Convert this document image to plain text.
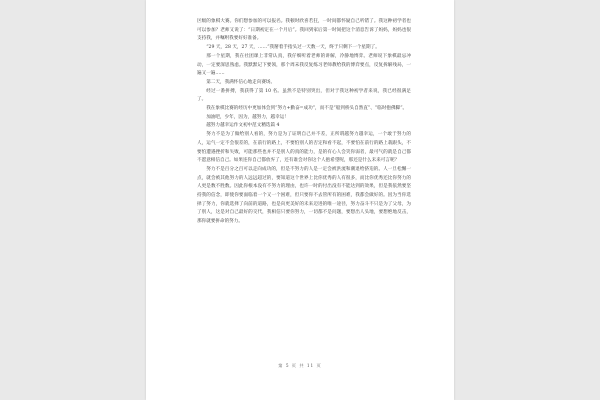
区级的象棋大赛。你们想参加的可以报名。我顿时欣喜若狂，一时间都怀疑自己听错了。我这种初学者也可以参加？老师又说了：“日期初定在一个月后”。我回到家后第一时间把这个消息告诉了妈妈，妈妈也很支持我，并嘱咐我要好好准备。

“29 天，28 天，27 天，……”我掰着手指头过一天数一天，终于只剩下一个星期了。

那一个星期，我在社团课上非常认真，我仔细听着老师的讲解，冷静地博弈。老师说下象棋最忌冲动，一定要深思熟虑。我默默记下要领，那个周末我反复练习老师教给我的博弈要点，反复拆解残局，一遍又一遍……

第二天，我满怀信心地走向赛场。

经过一番拼搏，我获得了第 10 名。虽然不是特别突出，但对于我这种初学者来说，我已经很满足了。

我在象棋比赛的经历中更加体会到“努力+勤奋=成功”，而不是“船到桥头自然直”、“临时抱佛脚”。

加油吧，少年，因为，越努力，越幸运！

越努力越幸运作文初中范文精选篇 4

努力不是为了做给别人看的，努力是为了证明自己并不差，正所谓越努力越幸运，一个敢于努力的人，运气一定不会很差的，在前行的路上，不要怕别人的否定和看不起，不要怕在前行的路上栽跟头，不要怕遭遇挫折和失败，可能那些也并不是别人的真的能力，是的有心人会笑你弱者，最可气的就是自己都不愿意相信自己。如果连你自己都放弃了，还有谁会对你这个人抱希望呢，那还是什么未来可言呢？

努力不是百分之百可以走向成功的，但是不努力的人是一定会被洪流和潮退给挤迫的。人一旦松懈一点，就会被其他努力的人远远超过的，要知道这个世界上比你优秀的人有很多，而比你优秀还比你努力的人更是数不胜数。因此你根本没有不努力的理由，也许一时的付出没有不能达到的效果，但是我依然要坚持我的信念，即使你要面临着一个又一个困难，但只要你不去管所有的困难，我都会做好的。因为当你选择了努力，你就选择了向前的道路，也是向更美好的未来迈进的唯一途径，努力奋斗不只是为了父母，为了别人，这是对自己最好的交代，我相信只要你努力，一切都不是问题，要想出人头地，要想绝地反击，那你就要拼命的努力。

第 5 页 共 11 页
